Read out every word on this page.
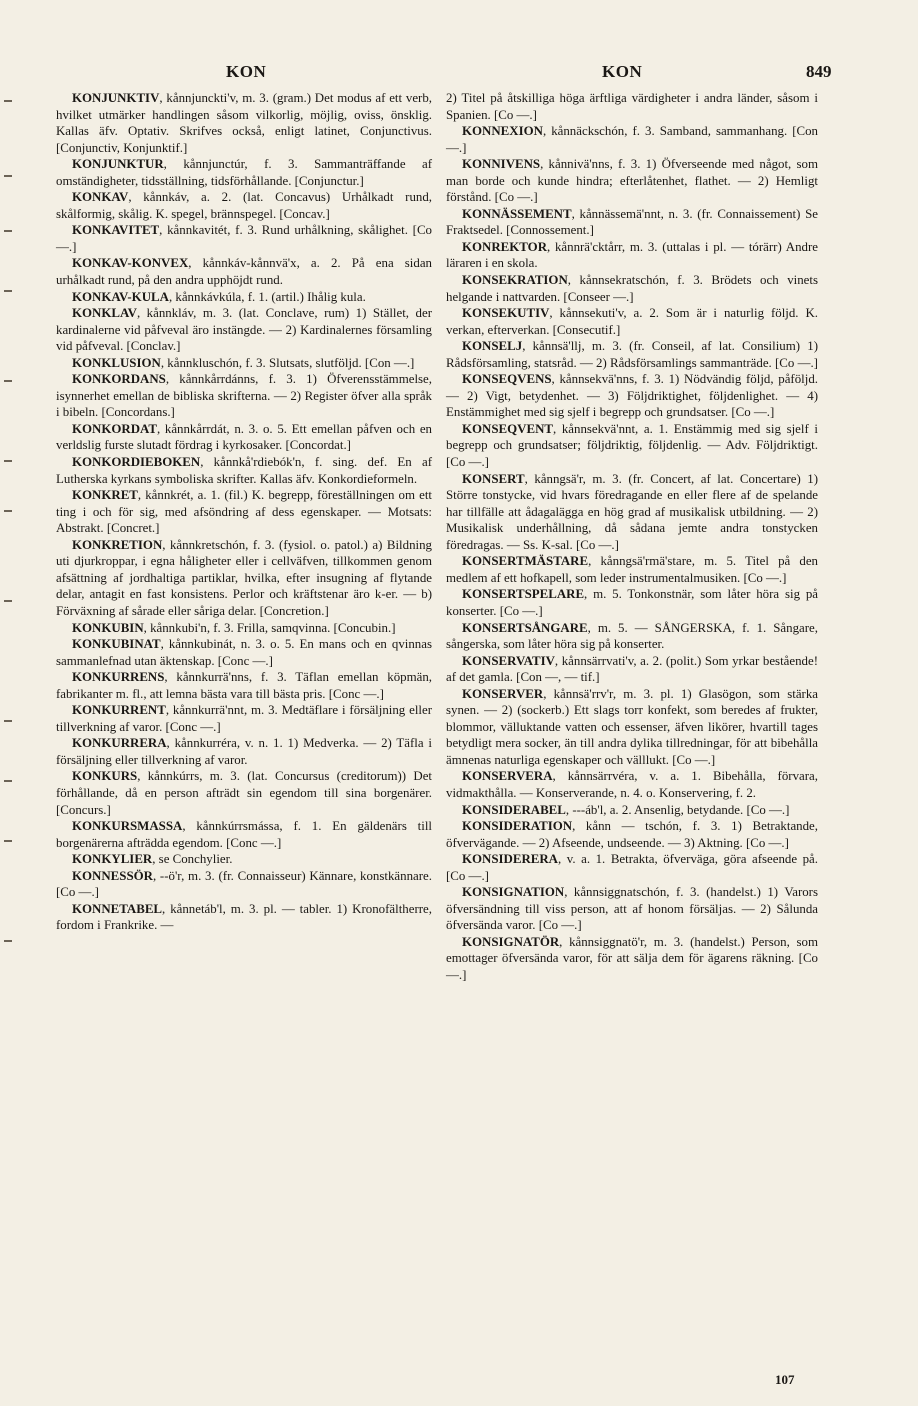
KON	KON	849

KONJUNKTIV, kånnjunckti'v, m. 3. (gram.) Det modus af ett verb, hvilket utmärker handlingen såsom vilkorlig, möjlig, oviss, önsklig. Kallas äfv. Optativ. Skrifves också, enligt latinet, Conjunctivus. [Conjunctiv, Konjunktif.]

KONJUNKTUR, kånnjunctúr, f. 3. Sammanträffande af omständigheter, tidsställning, tidsförhållande. [Conjunctur.]

KONKAV, kånnkáv, a. 2. (lat. Concavus) Urhålkadt rund, skålformig, skålig. K. spegel, brännspegel. [Concav.]

KONKAVITET, kånnkavitét, f. 3. Rund urhålkning, skålighet. [Co —.]

KONKAV-KONVEX, kånnkáv-kånnvä'x, a. 2. På ena sidan urhålkadt rund, på den andra upphöjdt rund.

KONKAV-KULA, kånnkávkúla, f. 1. (artil.) Ihålig kula.

KONKLAV, kånnkláv, m. 3. (lat. Conclave, rum) 1) Stället, der kardinalerne vid påfveval äro instängde. — 2) Kardinalernes församling vid påfveval. [Conclav.]

KONKLUSION, kånnkluschón, f. 3. Slutsats, slutföljd. [Con —.]

KONKORDANS, kånnkårrdánns, f. 3. 1) Öfverensstämmelse, isynnerhet emellan de bibliska skrifterna. — 2) Register öfver alla språk i bibeln. [Concordans.]

KONKORDAT, kånnkårrdát, n. 3. o. 5. Ett emellan påfven och en verldslig furste slutadt fördrag i kyrkosaker. [Concordat.]

KONKORDIEBOKEN, kånnkå'rdiebók'n, f. sing. def. En af Lutherska kyrkans symboliska skrifter. Kallas äfv. Konkordieformeln.

KONKRET, kånnkrét, a. 1. (fil.) K. begrepp, föreställningen om ett ting i och för sig, med afsöndring af dess egenskaper. — Motsats: Abstrakt. [Concret.]

KONKRETION, kånnkretschón, f. 3. (fysiol. o. patol.) a) Bildning uti djurkroppar, i egna håligheter eller i cellväfven, tillkommen genom afsättning af jordhaltiga partiklar, hvilka, efter insugning af flytande delar, antagit en fast konsistens. Perlor och kräftstenar äro k-er. — b) Förväxning af sårade eller såriga delar. [Concretion.]

KONKUBIN, kånnkubi'n, f. 3. Frilla, samqvinna. [Concubin.]

KONKUBINAT, kånnkubinát, n. 3. o. 5. En mans och en qvinnas sammanlefnad utan äktenskap. [Conc —.]

KONKURRENS, kånnkurrä'nns, f. 3. Täflan emellan köpmän, fabrikanter m. fl., att lemna bästa vara till bästa pris. [Conc —.]

KONKURRENT, kånnkurrä'nnt, m. 3. Medtäflare i försäljning eller tillverkning af varor. [Conc —.]

KONKURRERA, kånnkurréra, v. n. 1. 1) Medverka. — 2) Täfla i försäljning eller tillverkning af varor.

KONKURS, kånnkúrrs, m. 3. (lat. Concursus (creditorum)) Det förhållande, då en person afträdt sin egendom till sina borgenärer. [Concurs.]

KONKURSMASSA, kånnkúrrsmássa, f. 1. En gäldenärs till borgenärerna afträdda egendom. [Conc —.]

KONKYLIER, se Conchylier.

KONNESSÖR, --ö'r, m. 3. (fr. Connaisseur) Kännare, konstkännare. [Co —.]

KONNETABEL, kånnetáb'l, m. 3. pl. — tabler. 1) Kronofältherre, fordom i Frankrike. —

2) Titel på åtskilliga höga ärftliga värdigheter i andra länder, såsom i Spanien. [Co —.]

KONNEXION, kånnäckschón, f. 3. Samband, sammanhang. [Con —.]

KONNIVENS, kånnivä'nns, f. 3. 1) Öfverseende med något, som man borde och kunde hindra; efterlåtenhet, flathet. — 2) Hemligt förstånd. [Co —.]

KONNÄSSEMENT, kånnässemä'nnt, n. 3. (fr. Connaissement) Se Fraktsedel. [Connossement.]

KONREKTOR, kånnrä'cktårr, m. 3. (uttalas i pl. — tórärr) Andre läraren i en skola.

KONSEKRATION, kånnsekratschón, f. 3. Brödets och vinets helgande i nattvarden. [Conseer —.]

KONSEKUTIV, kånnsekuti'v, a. 2. Som är i naturlig följd. K. verkan, efterverkan. [Consecutif.]

KONSELJ, kånnsä'llj, m. 3. (fr. Conseil, af lat. Consilium) 1) Rådsförsamling, statsråd. — 2) Rådsförsamlings sammanträde. [Co —.]

KONSEQVENS, kånnsekvä'nns, f. 3. 1) Nödvändig följd, påföljd. — 2) Vigt, betydenhet. — 3) Följdriktighet, följdenlighet. — 4) Enstämmighet med sig sjelf i begrepp och grundsatser. [Co —.]

KONSEQVENT, kånnsekvä'nnt, a. 1. Enstämmig med sig sjelf i begrepp och grundsatser; följdriktig, följdenlig. — Adv. Följdriktigt. [Co —.]

KONSERT, kånngsä'r, m. 3. (fr. Concert, af lat. Concertare) 1) Större tonstycke, vid hvars föredragande en eller flere af de spelande har tillfälle att ådagalägga en hög grad af musikalisk utbildning. — 2) Musikalisk underhållning, då sådana jemte andra tonstycken föredragas. — Ss. K-sal. [Co —.]

KONSERTMÄSTARE, kånngsä'rmä'stare, m. 5. Titel på den medlem af ett hofkapell, som leder instrumentalmusiken. [Co —.]

KONSERTSPELARE, m. 5. Tonkonstnär, som låter höra sig på konserter. [Co —.]

KONSERTSÅNGARE, m. 5. — SÅNGERSKA, f. 1. Sångare, sångerska, som låter höra sig på konserter.

KONSERVATIV, kånnsärrvati'v, a. 2. (polit.) Som yrkar bestående! af det gamla. [Con —, — tif.]

KONSERVER, kånnsä'rrv'r, m. 3. pl. 1) Glasögon, som stärka synen. — 2) (sockerb.) Ett slags torr konfekt, som beredes af frukter, blommor, välluktande vatten och essenser, äfven likörer, hvartill tages betydligt mera socker, än till andra dylika tillredningar, för att bibehålla ämnenas naturliga egenskaper och välllukt. [Co —.]

KONSERVERA, kånnsärrvéra, v. a. 1. Bibehålla, förvara, vidmakthålla. — Konserverande, n. 4. o. Konservering, f. 2.

KONSIDERABEL, ---áb'l, a. 2. Ansenlig, betydande. [Co —.]

KONSIDERATION, kånn — tschón, f. 3. 1) Betraktande, öfvervägande. — 2) Afseende, undseende. — 3) Aktning. [Co —.]

KONSIDERERA, v. a. 1. Betrakta, öfverväga, göra afseende på. [Co —.]

KONSIGNATION, kånnsiggnatschón, f. 3. (handelst.) 1) Varors öfversändning till viss person, att af honom försäljas. — 2) Sålunda öfversända varor. [Co —.]

KONSIGNATÖR, kånnsiggnatö'r, m. 3. (handelst.) Person, som emottager öfversända varor, för att sälja dem för ägarens räkning. [Co —.]

107
